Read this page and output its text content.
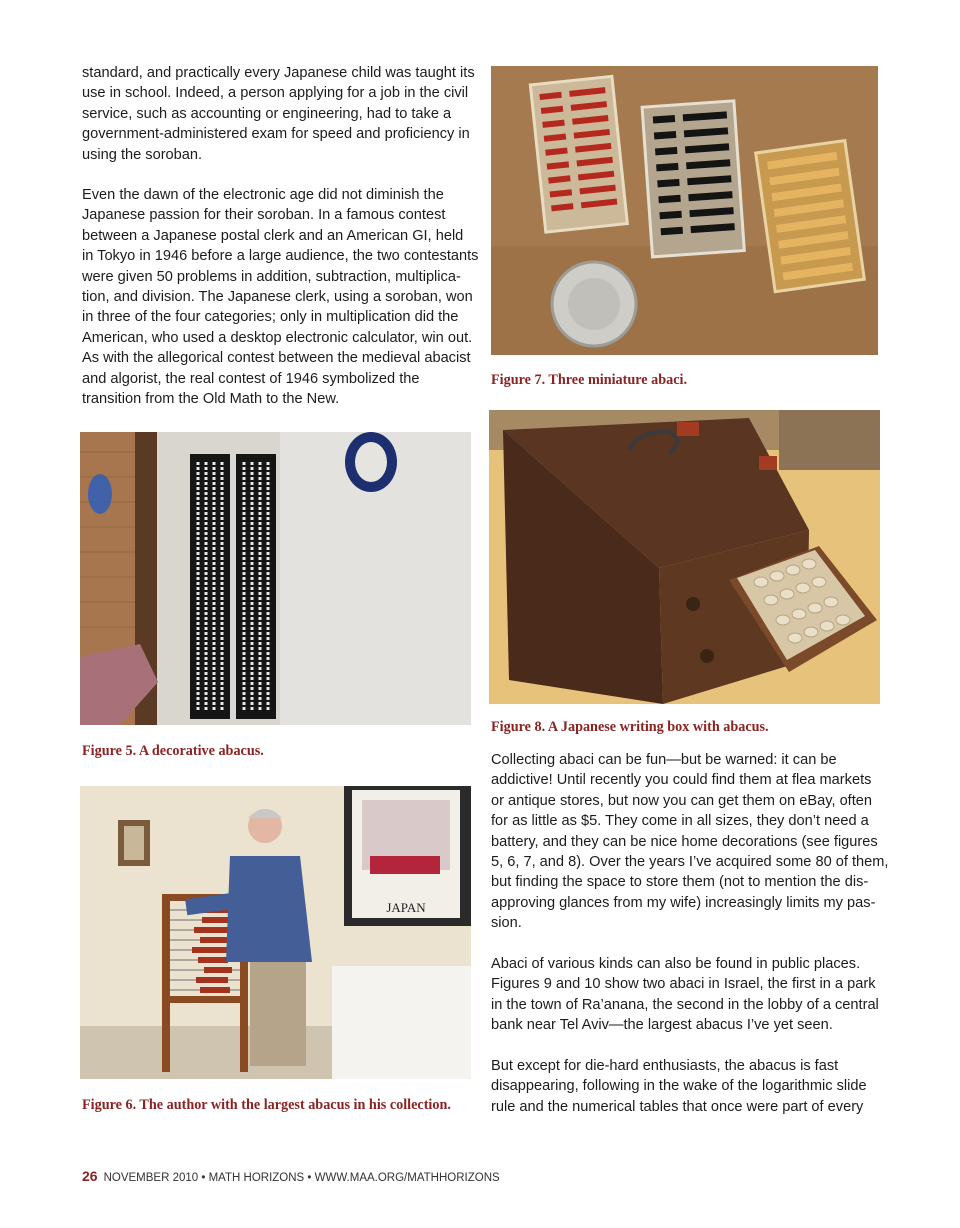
standard, and practically every Japanese child was taught its
use in school. Indeed, a person applying for a job in the civil
service, such as accounting or engineering, had to take a
government-administered exam for speed and proficiency in
using the soroban.

Even the dawn of the electronic age did not diminish the
Japanese passion for their soroban. In a famous contest
between a Japanese postal clerk and an American GI, held
in Tokyo in 1946 before a large audience, the two contestants
were given 50 problems in addition, subtraction, multiplica-
tion, and division. The Japanese clerk, using a soroban, won
in three of the four categories; only in multiplication did the
American, who used a desktop electronic calculator, win out.
As with the allegorical contest between the medieval abacist
and algorist, the real contest of 1946 symbolized the
transition from the Old Math to the New.

Figure 5. A decorative abacus.

JAPAN

Figure 6. The author with the largest abacus in his collection.

Figure 7. Three miniature abaci.

Figure 8. A Japanese writing box with abacus.

Collecting abaci can be fun—but be warned: it can be
addictive! Until recently you could find them at flea markets
or antique stores, but now you can get them on eBay, often
for as little as $5. They come in all sizes, they don’t need a
battery, and they can be nice home decorations (see figures
5, 6, 7, and 8). Over the years I’ve acquired some 80 of them,
but finding the space to store them (not to mention the dis-
approving glances from my wife) increasingly limits my pas-
sion.

Abaci of various kinds can also be found in public places.
Figures 9 and 10 show two abaci in Israel, the first in a park
in the town of Ra’anana, the second in the lobby of a central
bank near Tel Aviv—the largest abacus I’ve yet seen.

But except for die-hard enthusiasts, the abacus is fast
disappearing, following in the wake of the logarithmic slide
rule and the numerical tables that once were part of every

26 NOVEMBER 2010 • MATH HORIZONS • WWW.MAA.ORG/MATHHORIZONS
